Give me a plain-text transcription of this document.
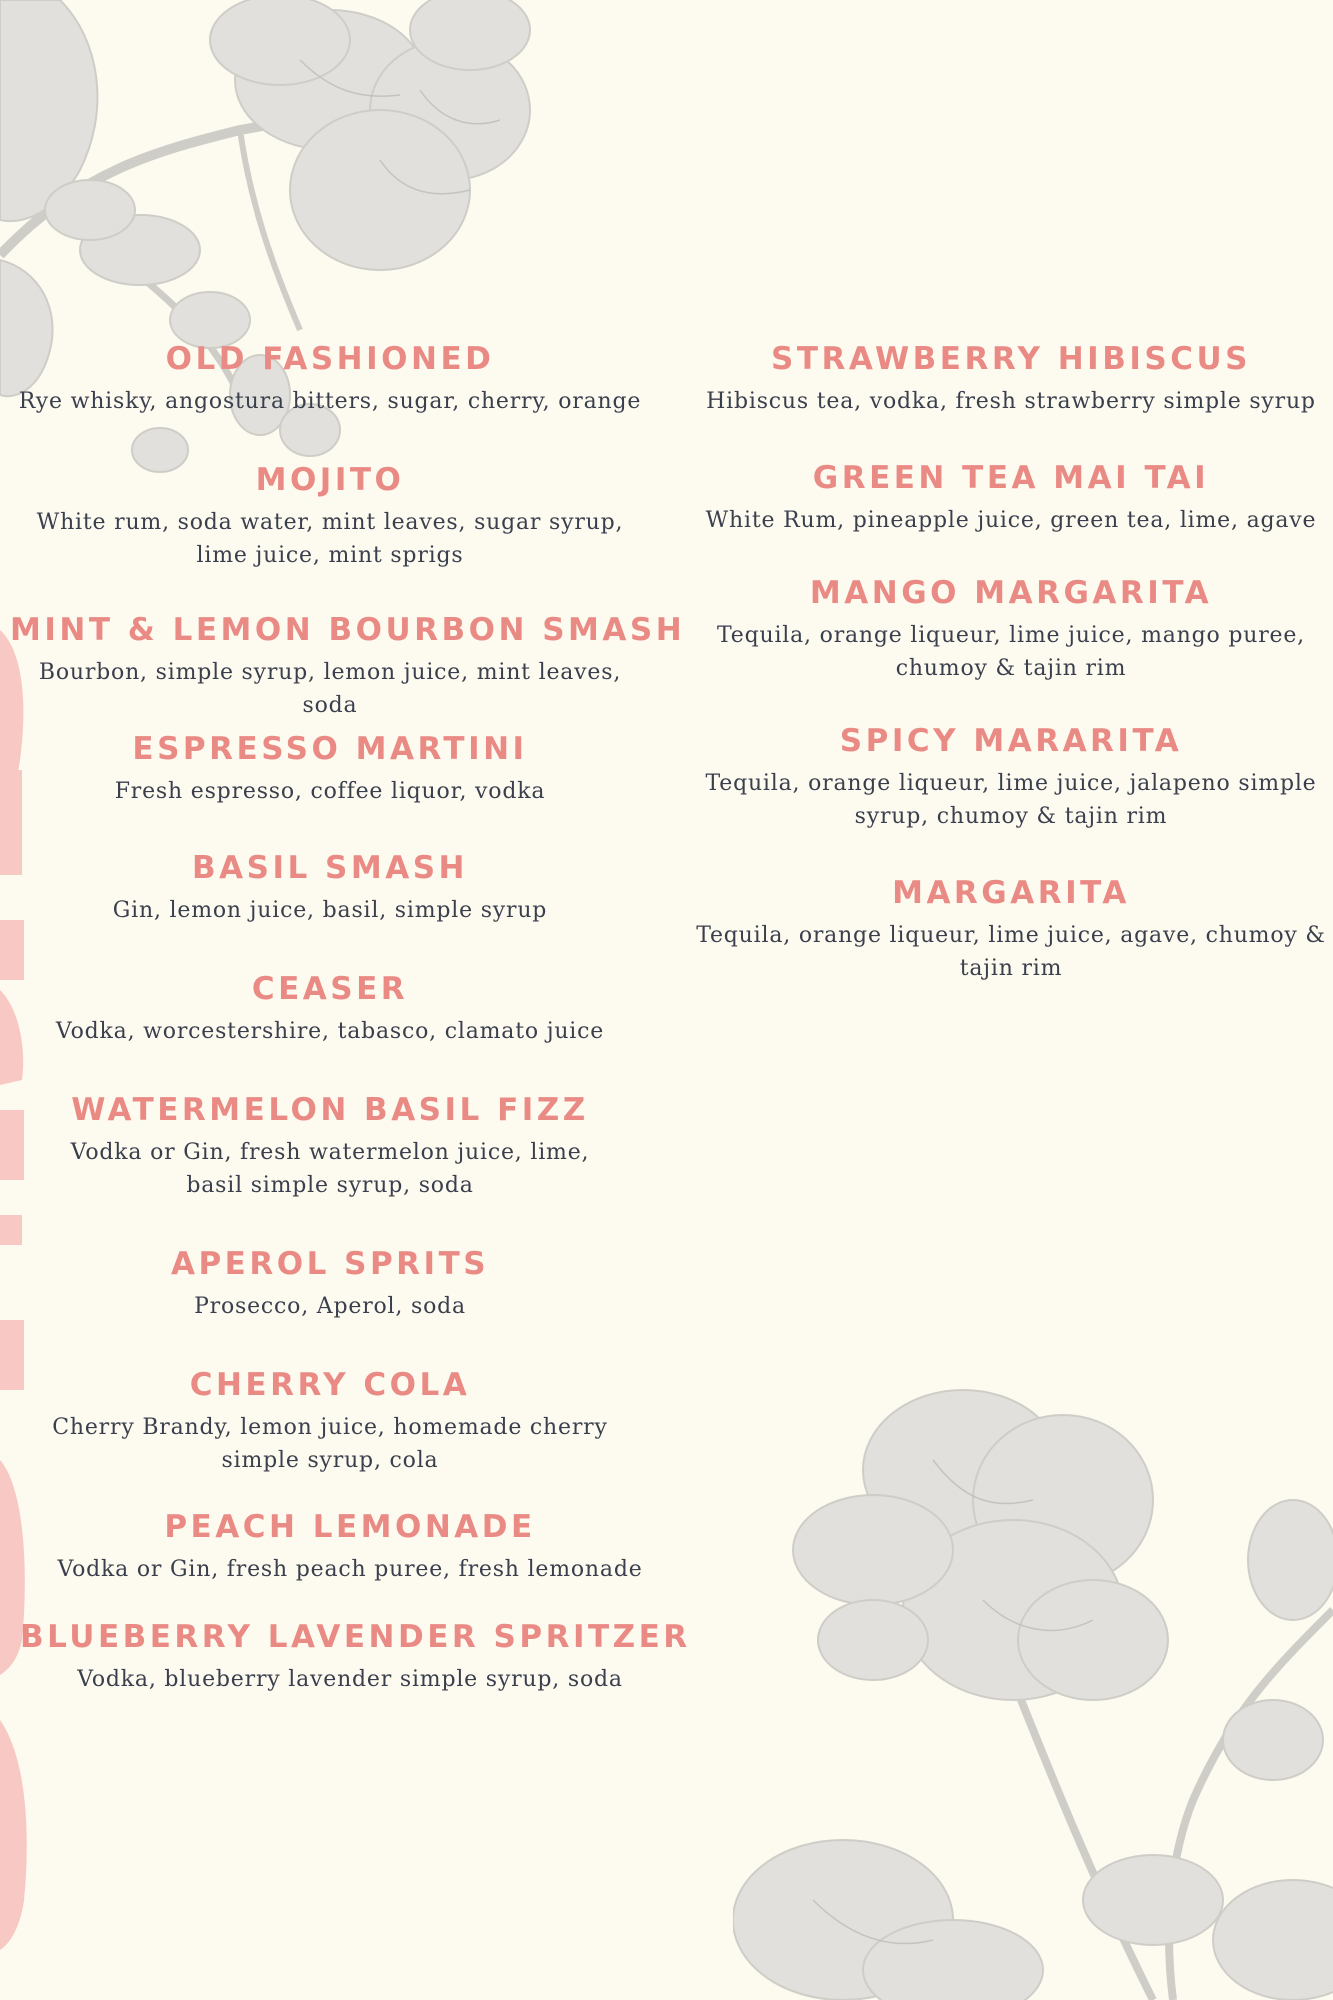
OLD FASHIONED
Rye whisky, angostura bitters, sugar, cherry, orange
MOJITO
White rum, soda water, mint leaves, sugar syrup, lime juice, mint sprigs
MINT & LEMON BOURBON SMASH
Bourbon, simple syrup, lemon juice, mint leaves, soda
ESPRESSO MARTINI
Fresh espresso, coffee liquor, vodka
BASIL SMASH
Gin, lemon juice, basil, simple syrup
CEASER
Vodka, worcestershire, tabasco, clamato juice
WATERMELON BASIL FIZZ
Vodka or Gin, fresh watermelon juice, lime, basil simple syrup, soda
APEROL SPRITS
Prosecco, Aperol, soda
CHERRY COLA
Cherry Brandy, lemon juice, homemade cherry simple syrup, cola
PEACH LEMONADE
Vodka or Gin, fresh peach puree, fresh lemonade
BLUEBERRY LAVENDER SPRITZER
Vodka, blueberry lavender simple syrup, soda
STRAWBERRY HIBISCUS
Hibiscus tea, vodka, fresh strawberry simple syrup
GREEN TEA MAI TAI
White Rum, pineapple juice, green tea, lime, agave
MANGO MARGARITA
Tequila, orange liqueur, lime juice, mango puree, chumoy & tajin rim
SPICY MARARITA
Tequila, orange liqueur, lime juice, jalapeno simple syrup, chumoy & tajin rim
MARGARITA
Tequila, orange liqueur, lime juice, agave, chumoy & tajin rim
